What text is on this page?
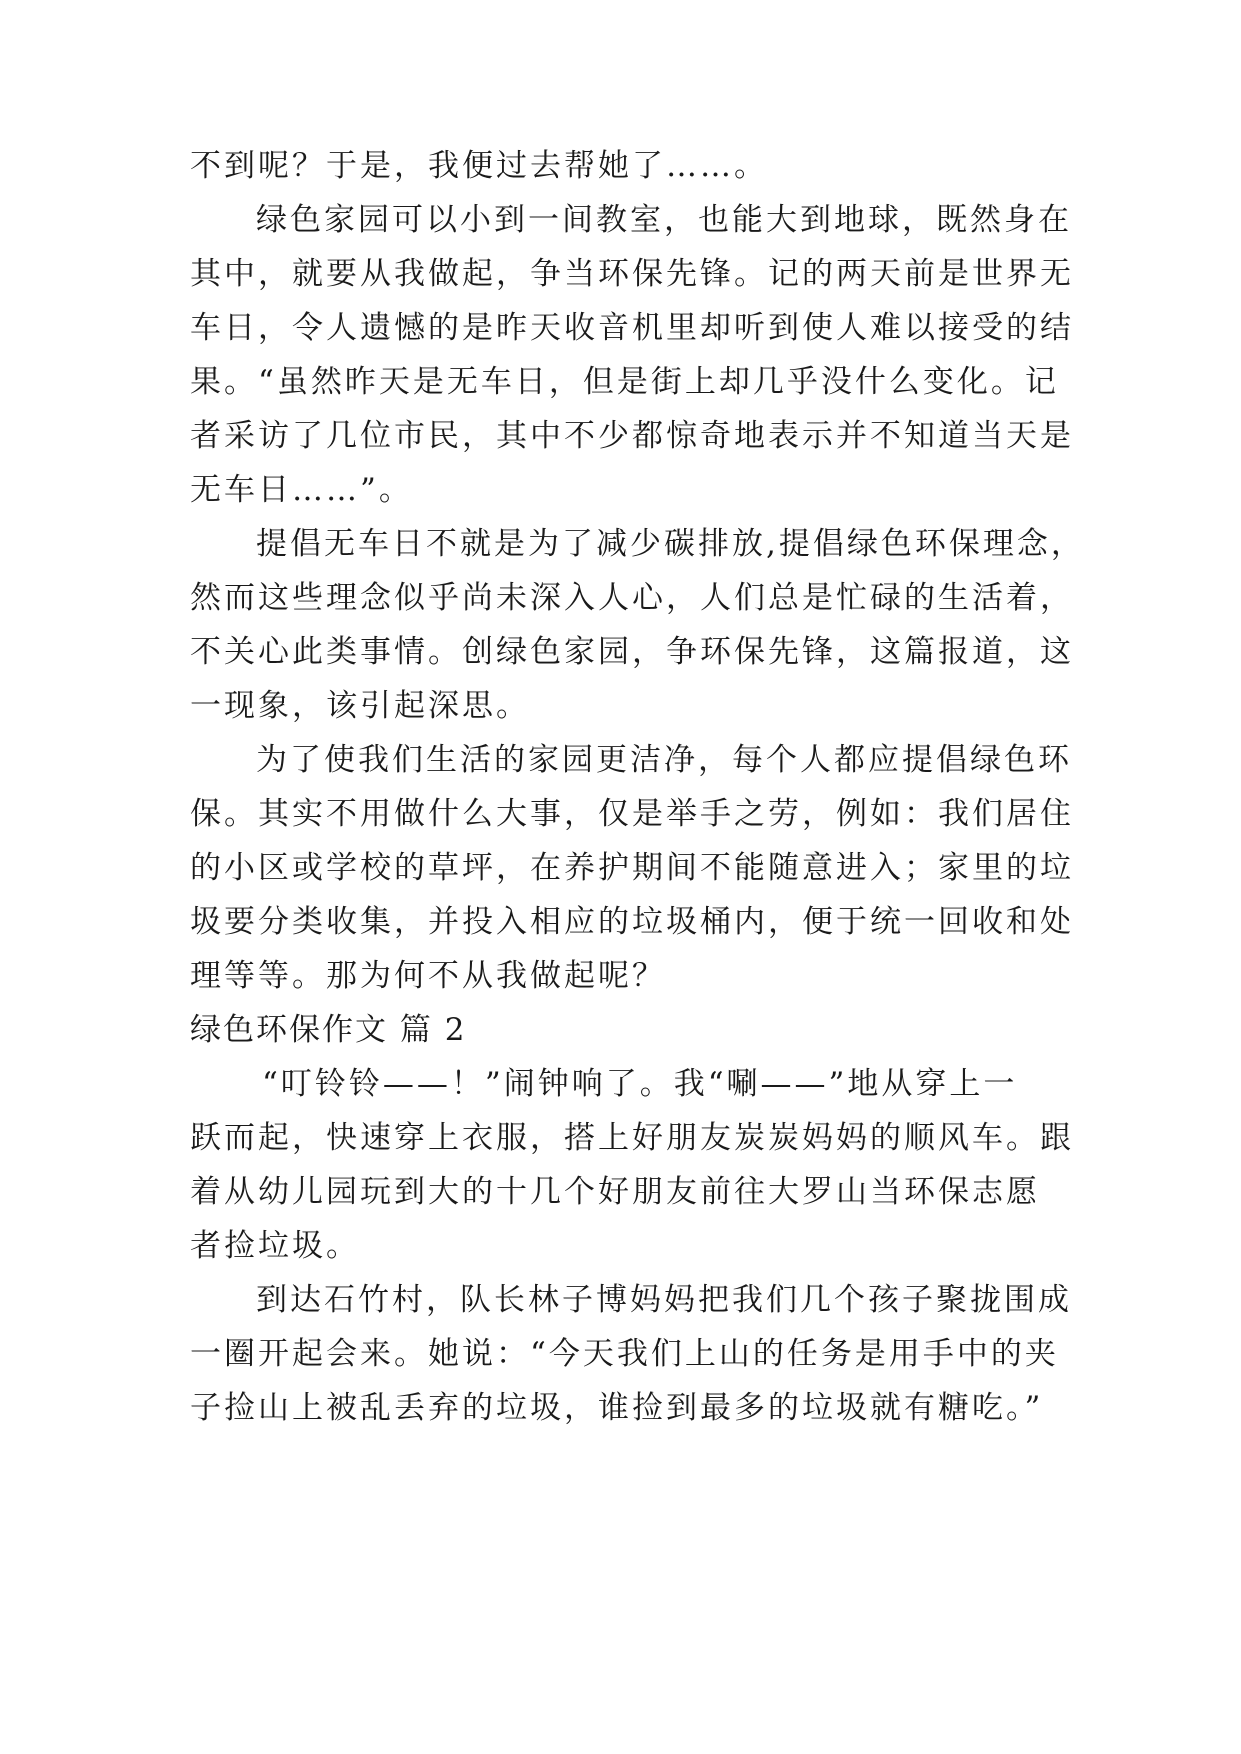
不到呢？于是，我便过去帮她了……。
绿色家园可以小到一间教室，也能大到地球，既然身在
其中，就要从我做起，争当环保先锋。记的两天前是世界无
车日，令人遗憾的是昨天收音机里却听到使人难以接受的结
果。“虽然昨天是无车日，但是街上却几乎没什么变化。记
者采访了几位市民，其中不少都惊奇地表示并不知道当天是
无车日……”。
提倡无车日不就是为了减少碳排放,提倡绿色环保理念，
然而这些理念似乎尚未深入人心，人们总是忙碌的生活着，
不关心此类事情。创绿色家园，争环保先锋，这篇报道，这
一现象，该引起深思。
为了使我们生活的家园更洁净，每个人都应提倡绿色环
保。其实不用做什么大事，仅是举手之劳，例如：我们居住
的小区或学校的草坪，在养护期间不能随意进入；家里的垃
圾要分类收集，并投入相应的垃圾桶内，便于统一回收和处
理等等。那为何不从我做起呢？
绿色环保作文 篇 2
“叮铃铃——！”闹钟响了。我“唰——”地从穿上一
跃而起，快速穿上衣服，搭上好朋友炭炭妈妈的顺风车。跟
着从幼儿园玩到大的十几个好朋友前往大罗山当环保志愿
者捡垃圾。
到达石竹村，队长林子博妈妈把我们几个孩子聚拢围成
一圈开起会来。她说：“今天我们上山的任务是用手中的夹
子捡山上被乱丢弃的垃圾，谁捡到最多的垃圾就有糖吃。”
